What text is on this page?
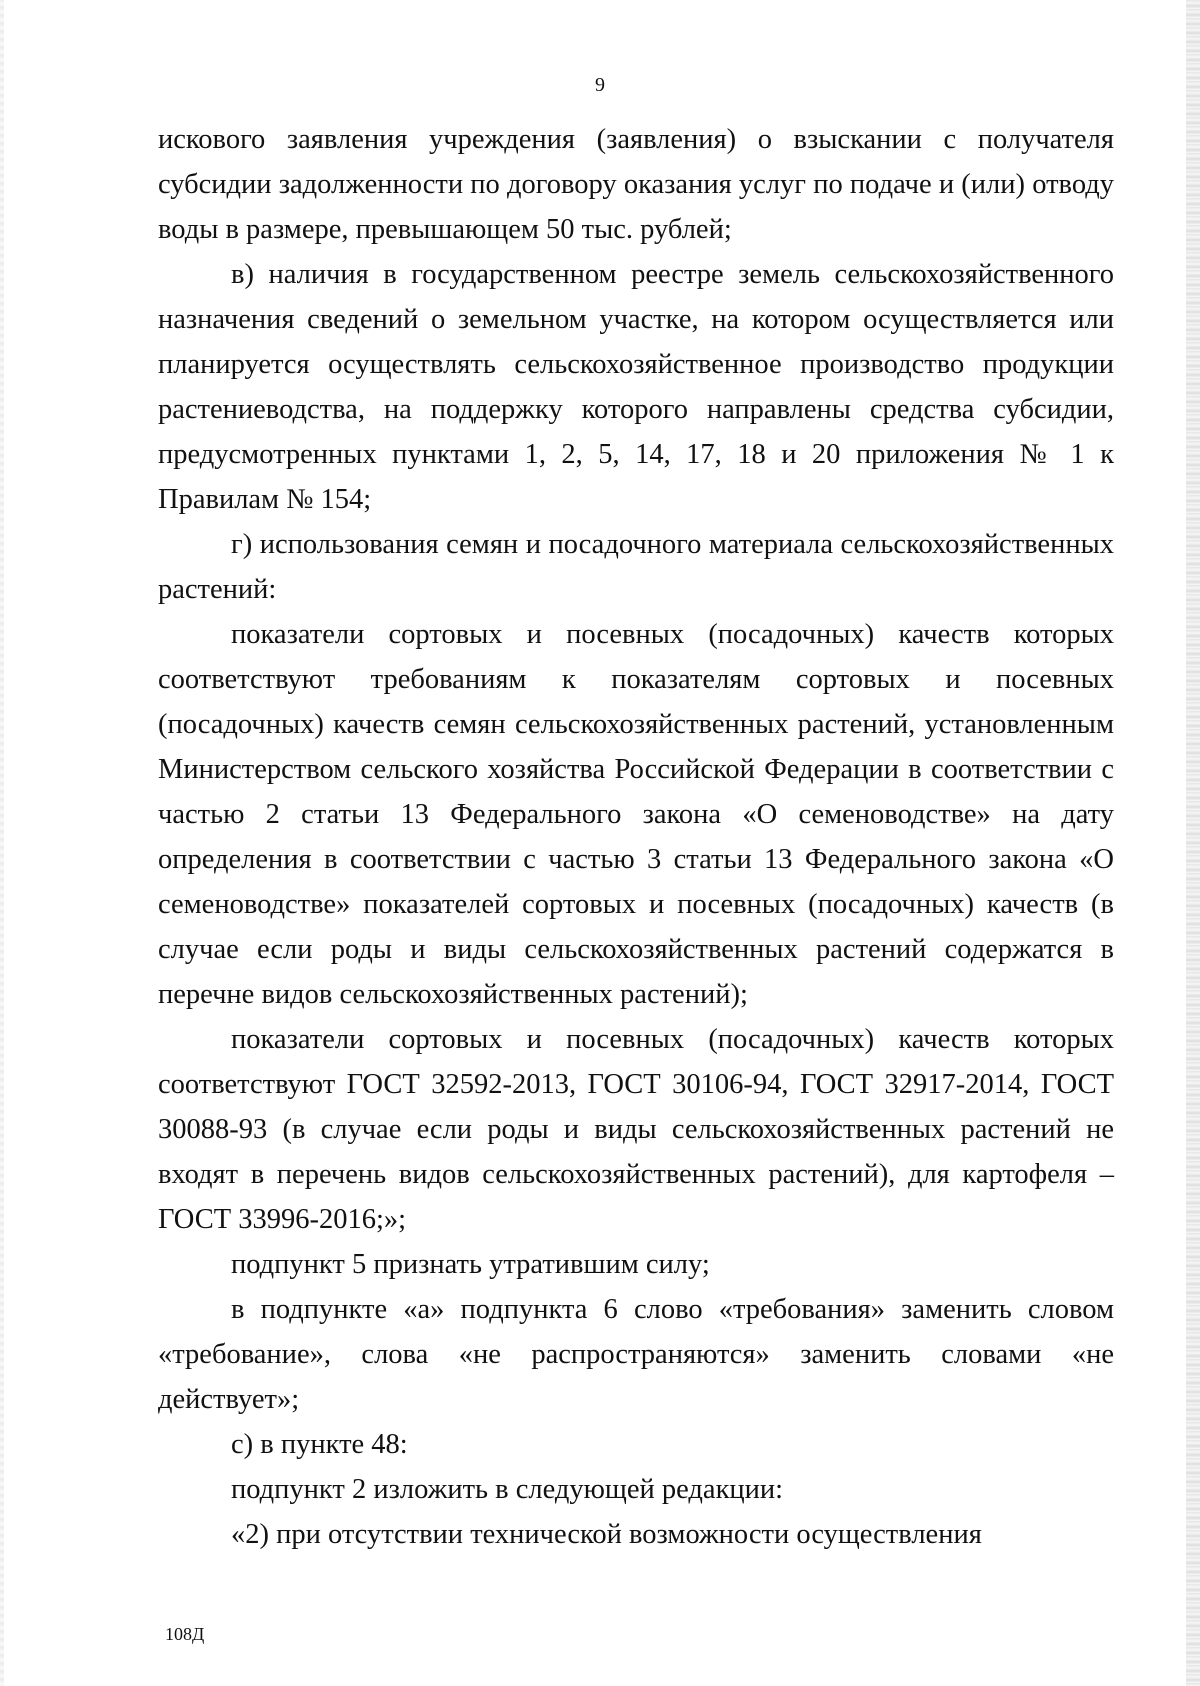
9

искового заявления учреждения (заявления) о взыскании с получателя субсидии задолженности по договору оказания услуг по подаче и (или) отводу воды в размере, превышающем 50 тыс. рублей;

в) наличия в государственном реестре земель сельскохозяйственного назначения сведений о земельном участке, на котором осуществляется или планируется осуществлять сельскохозяйственное производство продукции растениеводства, на поддержку которого направлены средства субсидии, предусмотренных пунктами 1, 2, 5, 14, 17, 18 и 20 приложения № 1 к Правилам № 154;

г) использования семян и посадочного материала сельскохозяйственных растений:

показатели сортовых и посевных (посадочных) качеств которых соответствуют требованиям к показателям сортовых и посевных (посадочных) качеств семян сельскохозяйственных растений, установленным Министерством сельского хозяйства Российской Федерации в соответствии с частью 2 статьи 13 Федерального закона «О семеноводстве» на дату определения в соответствии с частью 3 статьи 13 Федерального закона «О семеноводстве» показателей сортовых и посевных (посадочных) качеств (в случае если роды и виды сельскохозяйственных растений содержатся в перечне видов сельскохозяйственных растений);

показатели сортовых и посевных (посадочных) качеств которых соответствуют ГОСТ 32592-2013, ГОСТ 30106-94, ГОСТ 32917-2014, ГОСТ 30088-93 (в случае если роды и виды сельскохозяйственных растений не входят в перечень видов сельскохозяйственных растений), для картофеля – ГОСТ 33996-2016;»;

подпункт 5 признать утратившим силу;

в подпункте «а» подпункта 6 слово «требования» заменить словом «требование», слова «не распространяются» заменить словами «не действует»;

с) в пункте 48:

подпункт 2 изложить в следующей редакции:

«2) при отсутствии технической возможности осуществления

108Д
